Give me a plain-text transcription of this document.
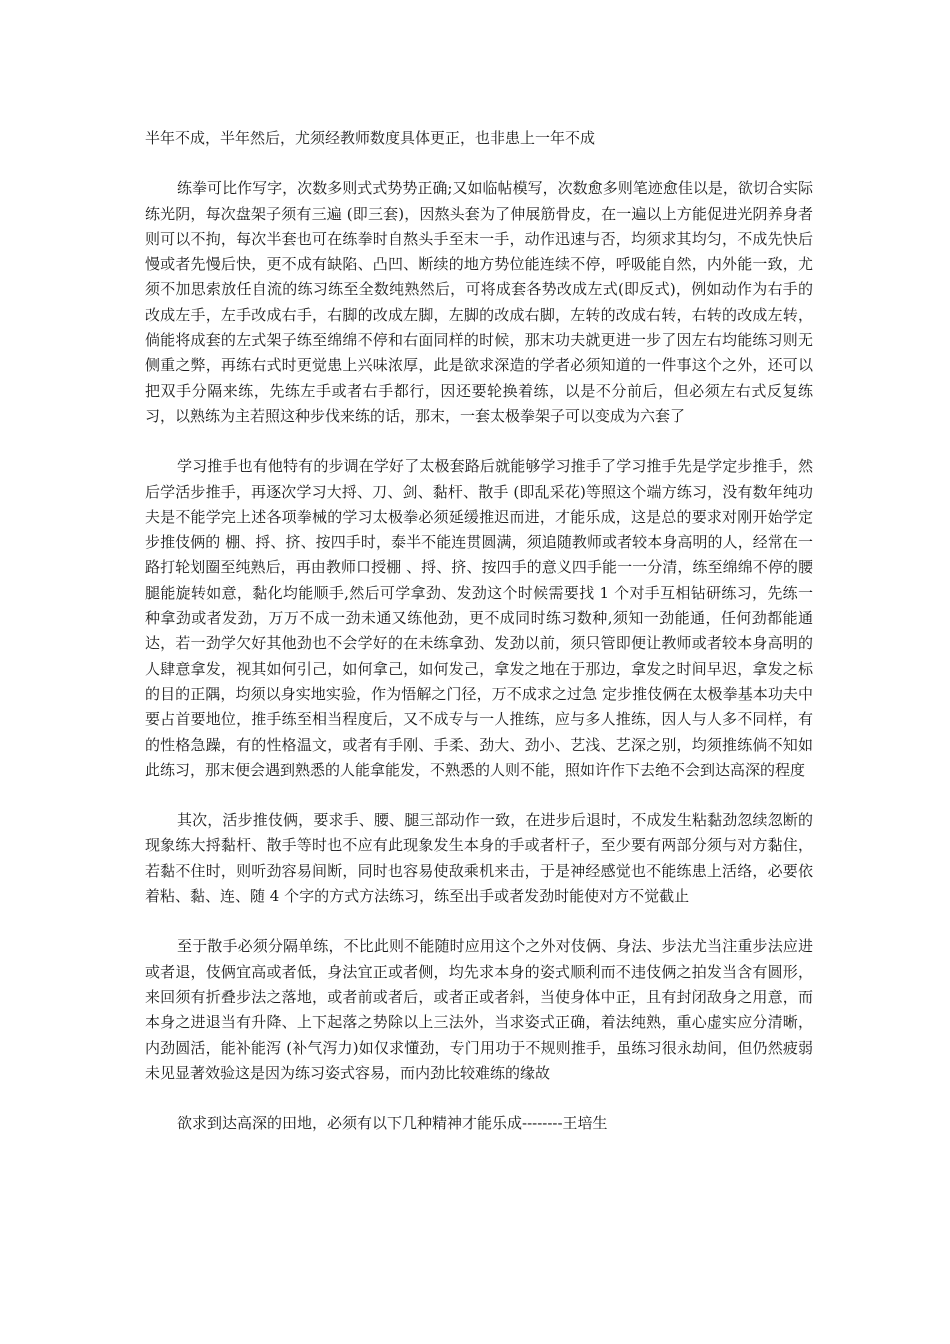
半年不成，半年然后，尤须经教师数度具体更正，也非患上一年不成

练拳可比作写字，次数多则式式势势正确;又如临帖模写，次数愈多则笔迹愈佳以是，欲切合实际练光阴，每次盘架子须有三遍 (即三套)，因熬头套为了伸展筋骨皮，在一遍以上方能促进光阴养身者则可以不拘，每次半套也可在练拳时自熬头手至末一手，动作迅速与否，均须求其均匀，不成先快后慢或者先慢后快，更不成有缺陷、凸凹、断续的地方势位能连续不停，呼吸能自然，内外能一致，尤须不加思索放任自流的练习练至全数纯熟然后，可将成套各势改成左式(即反式)，例如动作为右手的改成左手，左手改成右手，右脚的改成左脚，左脚的改成右脚，左转的改成右转，右转的改成左转，倘能将成套的左式架子练至绵绵不停和右面同样的时候，那末功夫就更进一步了因左右均能练习则无侧重之弊，再练右式时更觉患上兴味浓厚，此是欲求深造的学者必须知道的一件事这个之外，还可以把双手分隔来练，先练左手或者右手都行，因还要轮换着练，以是不分前后，但必须左右式反复练习，以熟练为主若照这种步伐来练的话，那末，一套太极拳架子可以变成为六套了

学习推手也有他特有的步调在学好了太极套路后就能够学习推手了学习推手先是学定步推手，然后学活步推手，再逐次学习大捋、刀、剑、黏杆、散手 (即乱采花)等照这个端方练习，没有数年纯功夫是不能学完上述各项拳械的学习太极拳必须延缓推迟而进，才能乐成，这是总的要求对刚开始学定步推伎俩的 棚、捋、挤、按四手时，泰半不能连贯圆满，须追随教师或者较本身高明的人，经常在一路打轮划圈至纯熟后，再由教师口授棚 、捋、挤、按四手的意义四手能一一分清，练至绵绵不停的腰腿能旋转如意，黏化均能顺手,然后可学拿劲、发劲这个时候需要找 1 个对手互相钻研练习，先练一种拿劲或者发劲，万万不成一劲未通又练他劲，更不成同时练习数种,须知一劲能通，任何劲都能通达，若一劲学欠好其他劲也不会学好的在未练拿劲、发劲以前，须只管即便让教师或者较本身高明的人肆意拿发，视其如何引己，如何拿己，如何发己，拿发之地在于那边，拿发之时间早迟，拿发之标的目的正隅，均须以身实地实验，作为悟解之门径，万不成求之过急 定步推伎俩在太极拳基本功夫中要占首要地位，推手练至相当程度后，又不成专与一人推练，应与多人推练，因人与人多不同样，有的性格急躁，有的性格温文，或者有手刚、手柔、劲大、劲小、艺浅、艺深之别，均须推练倘不知如此练习，那末便会遇到熟悉的人能拿能发，不熟悉的人则不能，照如许作下去绝不会到达高深的程度

其次，活步推伎俩，要求手、腰、腿三部动作一致，在进步后退时，不成发生粘黏劲忽续忽断的现象练大捋黏杆、散手等时也不应有此现象发生本身的手或者杆子，至少要有两部分须与对方黏住，若黏不住时，则听劲容易间断，同时也容易使敌乘机来击，于是神经感觉也不能练患上活络，必要依着粘、黏、连、随 4 个字的方式方法练习，练至出手或者发劲时能使对方不觉截止

至于散手必须分隔单练，不比此则不能随时应用这个之外对伎俩、身法、步法尤当注重步法应进或者退，伎俩宜高或者低，身法宜正或者侧，均先求本身的姿式顺利而不违伎俩之拍发当含有圆形，来回须有折叠步法之落地，或者前或者后，或者正或者斜，当使身体中正，且有封闭敌身之用意，而本身之进退当有升降、上下起落之势除以上三法外，当求姿式正确，着法纯熟，重心虚实应分清晰，内劲圆活，能补能泻 (补气泻力)如仅求懂劲，专门用功于不规则推手，虽练习很永劫间，但仍然疲弱未见显著效验这是因为练习姿式容易，而内劲比较难练的缘故

欲求到达高深的田地，必须有以下几种精神才能乐成--------王培生
